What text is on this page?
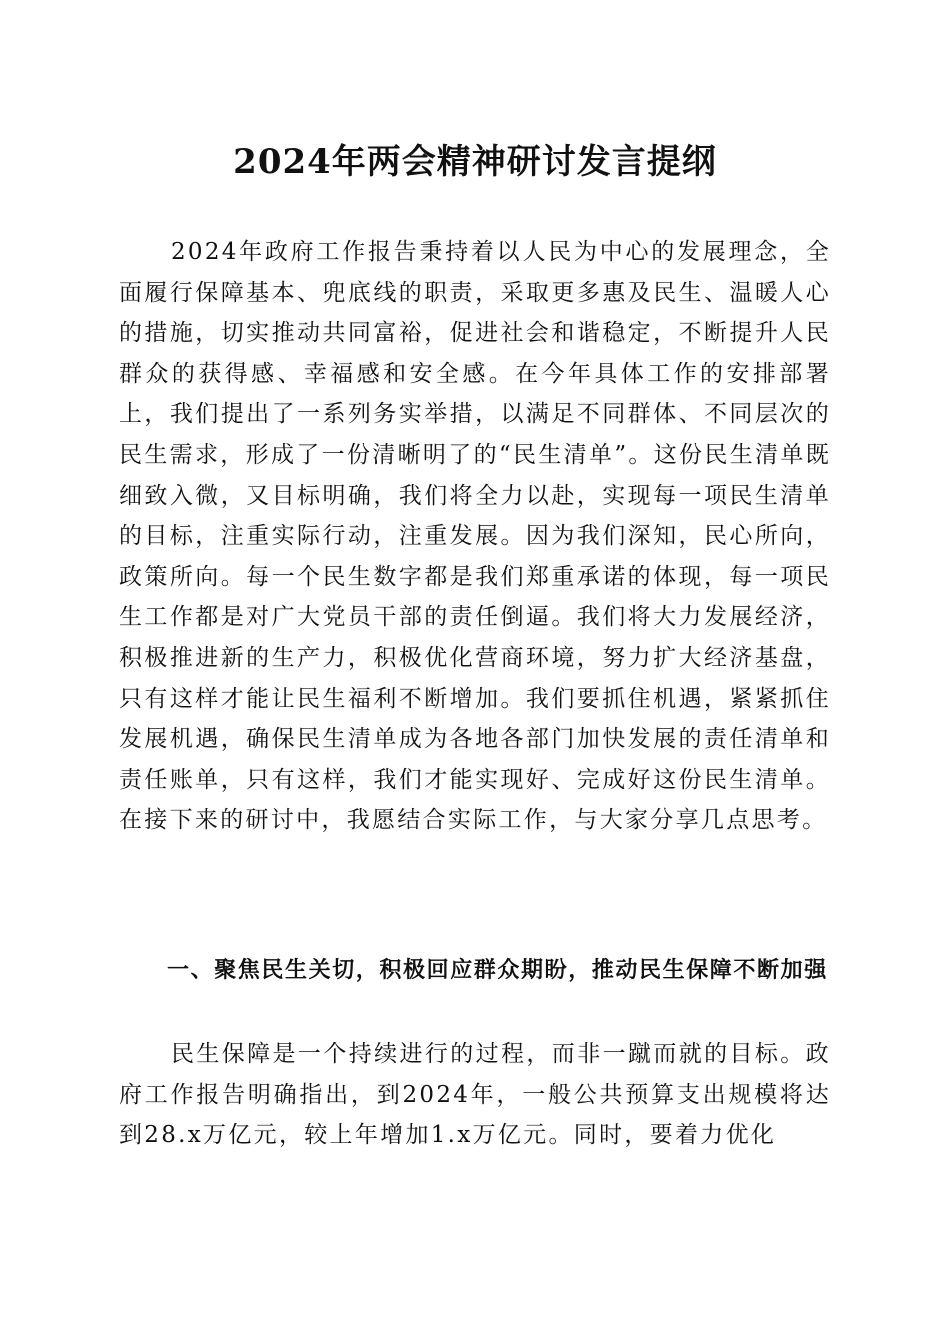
2024年两会精神研讨发言提纲

2024年政府工作报告秉持着以人民为中心的发展理念，全面履行保障基本、兜底线的职责，采取更多惠及民生、温暖人心的措施，切实推动共同富裕，促进社会和谐稳定，不断提升人民群众的获得感、幸福感和安全感。在今年具体工作的安排部署上，我们提出了一系列务实举措，以满足不同群体、不同层次的民生需求，形成了一份清晰明了的“民生清单”。这份民生清单既细致入微，又目标明确，我们将全力以赴，实现每一项民生清单的目标，注重实际行动，注重发展。因为我们深知，民心所向，政策所向。每一个民生数字都是我们郑重承诺的体现，每一项民生工作都是对广大党员干部的责任倒逼。我们将大力发展经济，积极推进新的生产力，积极优化营商环境，努力扩大经济基盘，只有这样才能让民生福利不断增加。我们要抓住机遇，紧紧抓住发展机遇，确保民生清单成为各地各部门加快发展的责任清单和责任账单，只有这样，我们才能实现好、完成好这份民生清单。在接下来的研讨中，我愿结合实际工作，与大家分享几点思考。

一、聚焦民生关切，积极回应群众期盼，推动民生保障不断加强

民生保障是一个持续进行的过程，而非一蹴而就的目标。政府工作报告明确指出，到2024年，一般公共预算支出规模将达到28.x万亿元，较上年增加1.x万亿元。同时，要着力优化
